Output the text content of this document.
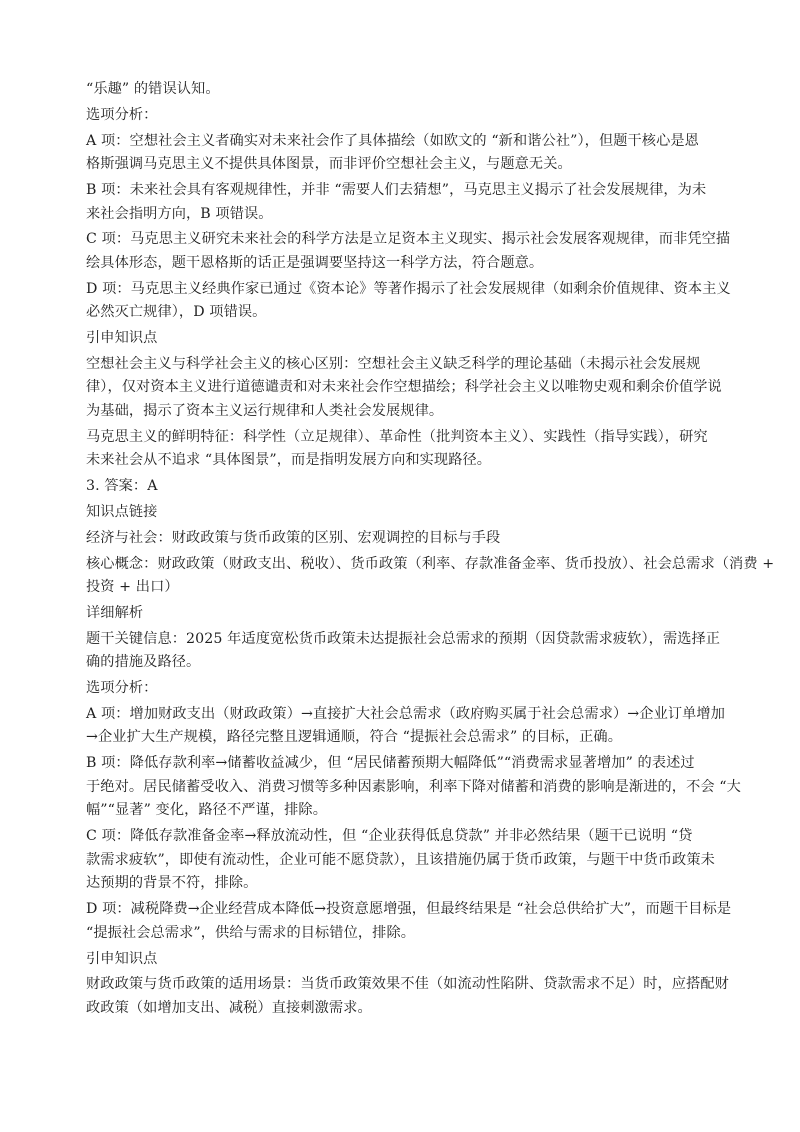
“乐趣” 的错误认知。
选项分析：
A 项：空想社会主义者确实对未来社会作了具体描绘（如欧文的 “新和谐公社”），但题干核心是恩
格斯强调马克思主义不提供具体图景，而非评价空想社会主义，与题意无关。
B 项：未来社会具有客观规律性，并非 “需要人们去猜想”，马克思主义揭示了社会发展规律，为未
来社会指明方向，B 项错误。
C 项：马克思主义研究未来社会的科学方法是立足资本主义现实、揭示社会发展客观规律，而非凭空描
绘具体形态，题干恩格斯的话正是强调要坚持这一科学方法，符合题意。
D 项：马克思主义经典作家已通过《资本论》等著作揭示了社会发展规律（如剩余价值规律、资本主义
必然灭亡规律），D 项错误。
引申知识点
空想社会主义与科学社会主义的核心区别：空想社会主义缺乏科学的理论基础（未揭示社会发展规
律），仅对资本主义进行道德谴责和对未来社会作空想描绘；科学社会主义以唯物史观和剩余价值学说
为基础，揭示了资本主义运行规律和人类社会发展规律。
马克思主义的鲜明特征：科学性（立足规律）、革命性（批判资本主义）、实践性（指导实践），研究
未来社会从不追求 “具体图景”，而是指明发展方向和实现路径。
3. 答案：A
知识点链接
经济与社会：财政政策与货币政策的区别、宏观调控的目标与手段
核心概念：财政政策（财政支出、税收）、货币政策（利率、存款准备金率、货币投放）、社会总需求（消费 +
投资 + 出口）
详细解析
题干关键信息：2025 年适度宽松货币政策未达提振社会总需求的预期（因贷款需求疲软），需选择正
确的措施及路径。
选项分析：
A 项：增加财政支出（财政政策）→直接扩大社会总需求（政府购买属于社会总需求）→企业订单增加
→企业扩大生产规模，路径完整且逻辑通顺，符合 “提振社会总需求” 的目标，正确。
B 项：降低存款利率→储蓄收益减少，但 “居民储蓄预期大幅降低”“消费需求显著增加” 的表述过
于绝对。居民储蓄受收入、消费习惯等多种因素影响，利率下降对储蓄和消费的影响是渐进的，不会 “大
幅”“显著” 变化，路径不严谨，排除。
C 项：降低存款准备金率→释放流动性，但 “企业获得低息贷款” 并非必然结果（题干已说明 “贷
款需求疲软”，即使有流动性，企业可能不愿贷款），且该措施仍属于货币政策，与题干中货币政策未
达预期的背景不符，排除。
D 项：减税降费→企业经营成本降低→投资意愿增强，但最终结果是 “社会总供给扩大”，而题干目标是
“提振社会总需求”，供给与需求的目标错位，排除。
引申知识点
财政政策与货币政策的适用场景：当货币政策效果不佳（如流动性陷阱、贷款需求不足）时，应搭配财
政政策（如增加支出、减税）直接刺激需求。
